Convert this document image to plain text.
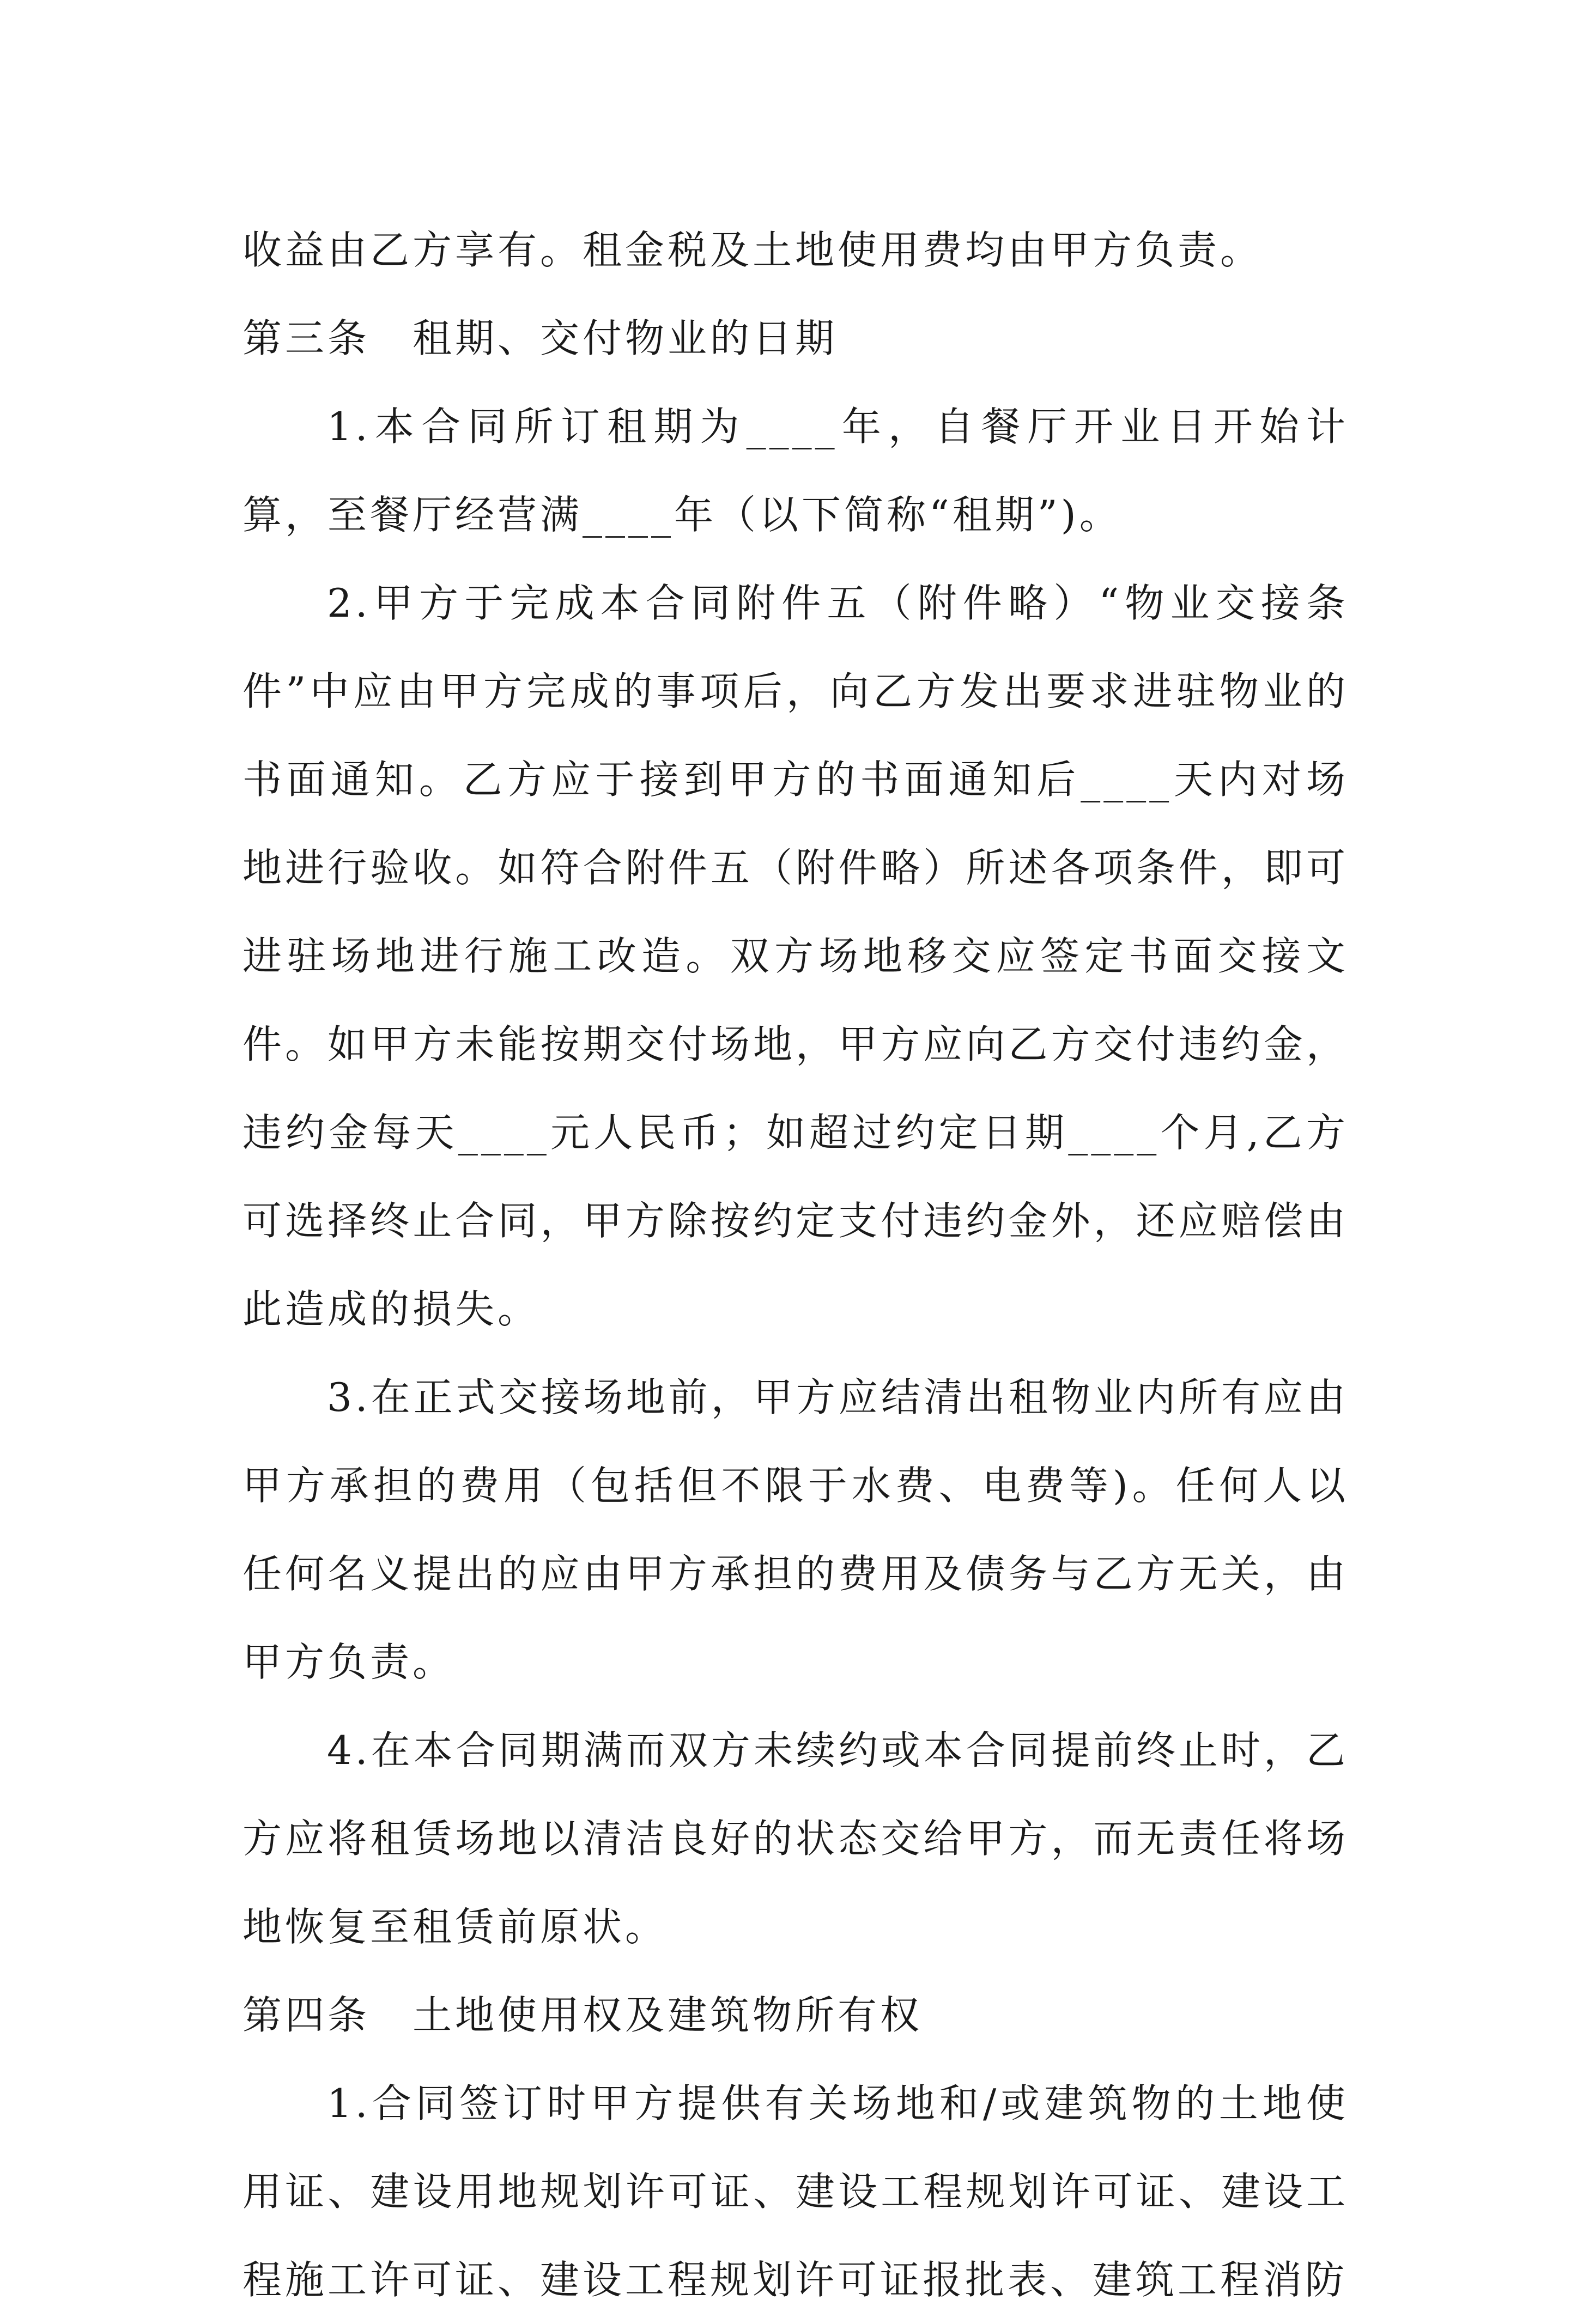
收益由乙方享有。租金税及土地使用费均由甲方负责。

第三条　租期、交付物业的日期

1.本合同所订租期为____年，自餐厅开业日开始计算，至餐厅经营满____年（以下简称“租期”)。

2.甲方于完成本合同附件五（附件略）“物业交接条件”中应由甲方完成的事项后，向乙方发出要求进驻物业的书面通知。乙方应于接到甲方的书面通知后____天内对场地进行验收。如符合附件五（附件略）所述各项条件，即可进驻场地进行施工改造。双方场地移交应签定书面交接文件。如甲方未能按期交付场地，甲方应向乙方交付违约金，违约金每天____元人民币；如超过约定日期____个月,乙方可选择终止合同，甲方除按约定支付违约金外，还应赔偿由此造成的损失。

3.在正式交接场地前，甲方应结清出租物业内所有应由甲方承担的费用（包括但不限于水费、电费等)。任何人以任何名义提出的应由甲方承担的费用及债务与乙方无关，由甲方负责。

4.在本合同期满而双方未续约或本合同提前终止时，乙方应将租赁场地以清洁良好的状态交给甲方，而无责任将场地恢复至租赁前原状。

第四条　土地使用权及建筑物所有权

1.合同签订时甲方提供有关场地和/或建筑物的土地使用证、建设用地规划许可证、建设工程规划许可证、建设工程施工许可证、建设工程规划许可证报批表、建筑工程消防
